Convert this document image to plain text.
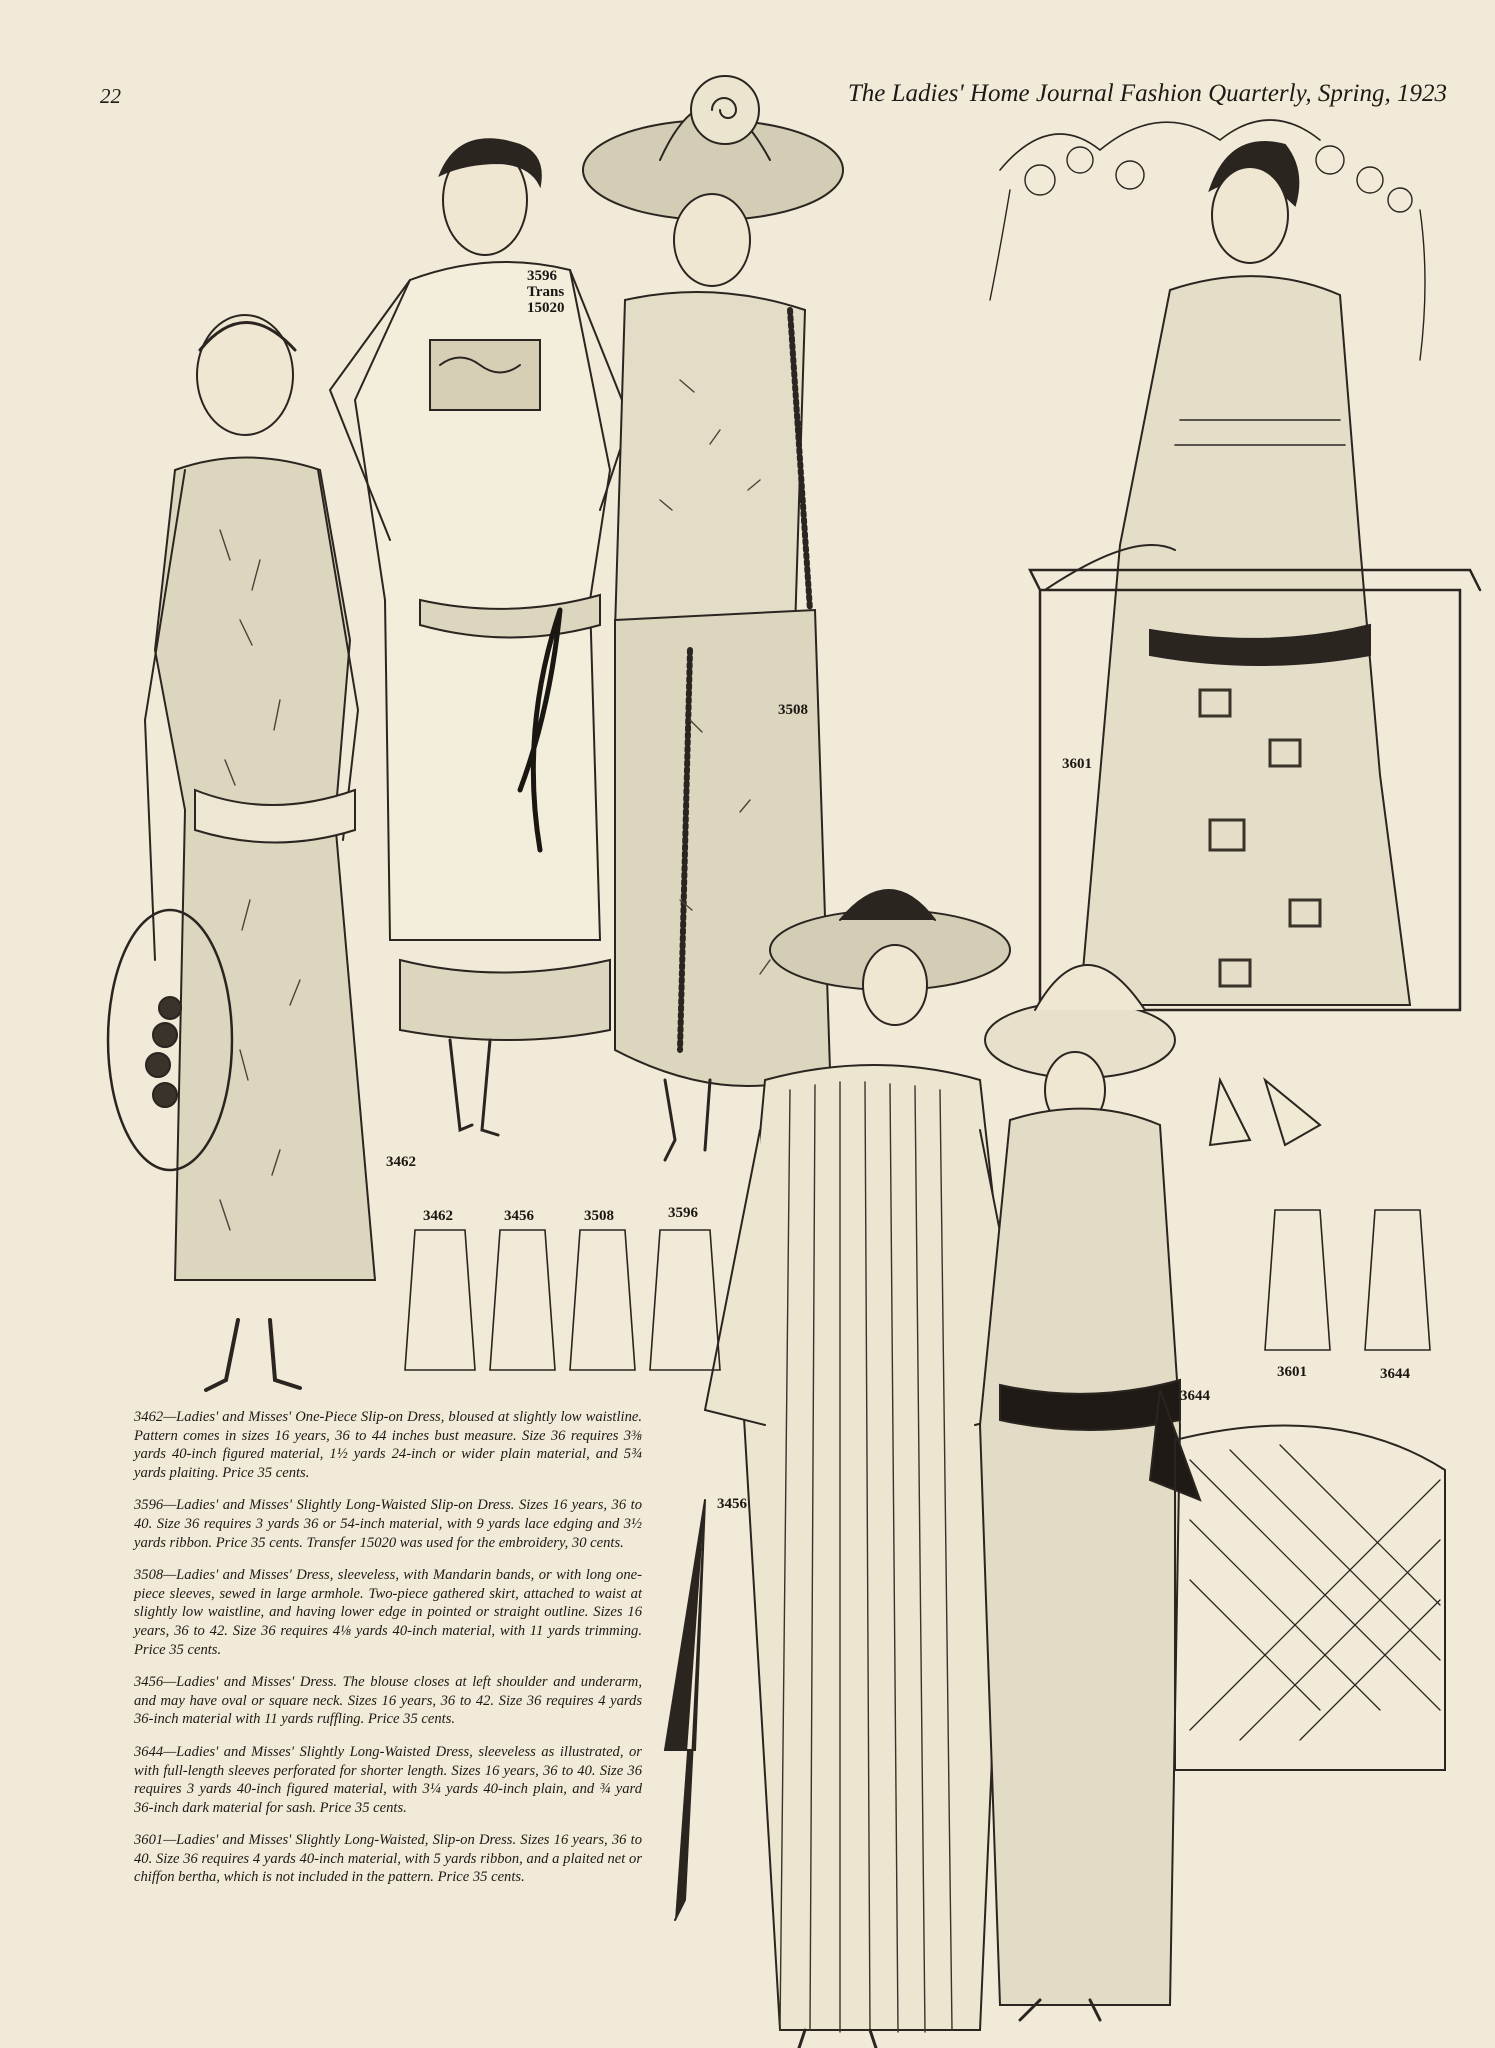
22	The Ladies' Home Journal Fashion Quarterly, Spring, 1923
3596
Trans
15020
3508
3601
3462
3644
3456
3462	3456	3508	3596
3601	3644

3462—Ladies' and Misses' One-Piece Slip-on Dress, bloused at slightly low waistline. Pattern comes in sizes 16 years, 36 to 44 inches bust measure. Size 36 requires 3⅜ yards 40-inch figured material, 1½ yards 24-inch or wider plain material, and 5¾ yards plaiting. Price 35 cents.

3596—Ladies' and Misses' Slightly Long-Waisted Slip-on Dress. Sizes 16 years, 36 to 40. Size 36 requires 3 yards 36 or 54-inch material, with 9 yards lace edging and 3½ yards ribbon. Price 35 cents. Transfer 15020 was used for the embroidery, 30 cents.

3508—Ladies' and Misses' Dress, sleeveless, with Mandarin bands, or with long one-piece sleeves, sewed in large armhole. Two-piece gathered skirt, attached to waist at slightly low waistline, and having lower edge in pointed or straight outline. Sizes 16 years, 36 to 42. Size 36 requires 4⅛ yards 40-inch material, with 11 yards trimming. Price 35 cents.

3456—Ladies' and Misses' Dress. The blouse closes at left shoulder and underarm, and may have oval or square neck. Sizes 16 years, 36 to 42. Size 36 requires 4 yards 36-inch material with 11 yards ruffling. Price 35 cents.

3644—Ladies' and Misses' Slightly Long-Waisted Dress, sleeveless as illustrated, or with full-length sleeves perforated for shorter length. Sizes 16 years, 36 to 40. Size 36 requires 3 yards 40-inch figured material, with 3¼ yards 40-inch plain, and ¾ yard 36-inch dark material for sash. Price 35 cents.

3601—Ladies' and Misses' Slightly Long-Waisted, Slip-on Dress. Sizes 16 years, 36 to 40. Size 36 requires 4 yards 40-inch material, with 5 yards ribbon, and a plaited net or chiffon bertha, which is not included in the pattern. Price 35 cents.
